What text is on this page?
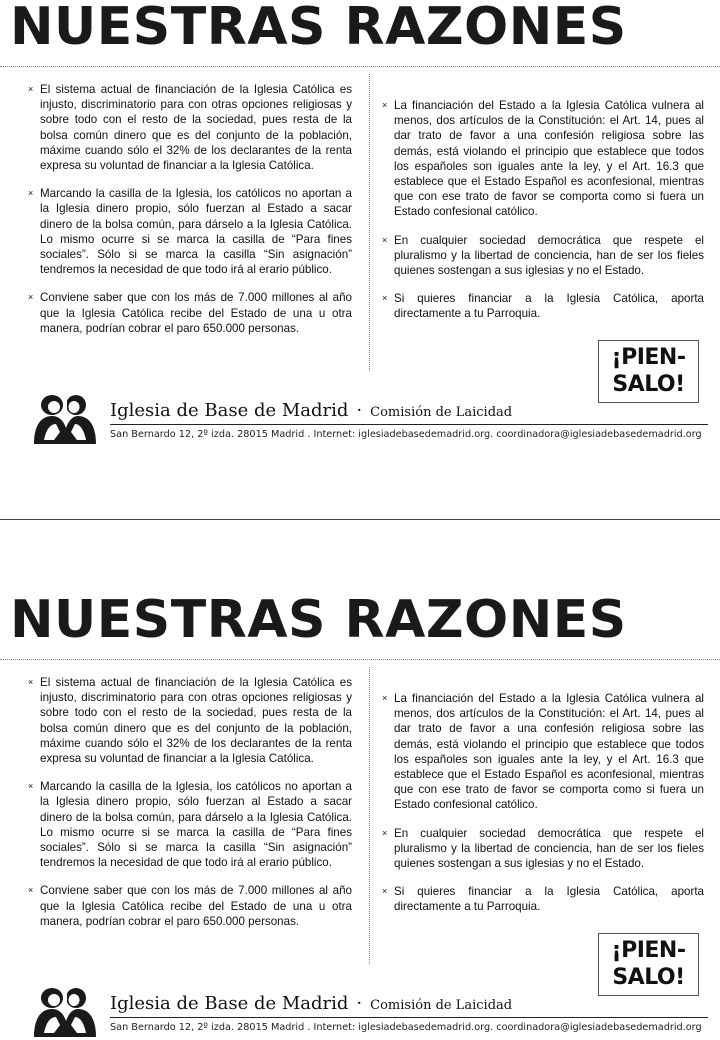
NUESTRAS RAZONES
× El sistema actual de financiación de la Iglesia Católica es injusto, discriminatorio para con otras opciones religiosas y sobre todo con el resto de la sociedad, pues resta de la bolsa común dinero que es del conjunto de la población, máxime cuando sólo el 32% de los declarantes de la renta expresa su voluntad de financiar a la Iglesia Católica.
× Marcando la casilla de la Iglesia, los católicos no aportan a la Iglesia dinero propio, sólo fuerzan al Estado a sacar dinero de la bolsa común, para dárselo a la Iglesia Católica. Lo mismo ocurre si se marca la casilla de “Para fines sociales”. Sólo si se marca la casilla “Sin asignación” tendremos la necesidad de que todo irá al erario público.
× Conviene saber que con los más de 7.000 millones al año que la Iglesia Católica recibe del Estado de una u otra manera, podrían cobrar el paro 650.000 personas.
× La financiación del Estado a la Iglesia Católica vulnera al menos, dos artículos de la Constitución: el Art. 14, pues al dar trato de favor a una confesión religiosa sobre las demás, está violando el principio que establece que todos los españoles son iguales ante la ley, y el Art. 16.3 que establece que el Estado Español es aconfesional, mientras que con ese trato de favor se comporta como si fuera un Estado confesional católico.
× En cualquier sociedad democrática que respete el pluralismo y la libertad de conciencia, han de ser los fieles quienes sostengan a sus iglesias y no el Estado.
× Si quieres financiar a la Iglesia Católica, aporta directamente a tu Parroquia.
¡PIEN-
SALO!
Iglesia de Base de Madrid · Comisión de Laicidad
San Bernardo 12, 2º izda. 28015 Madrid . Internet: iglesiadebasedemadrid.org. coordinadora@iglesiadebasedemadrid.org
NUESTRAS RAZONES
× El sistema actual de financiación de la Iglesia Católica es injusto, discriminatorio para con otras opciones religiosas y sobre todo con el resto de la sociedad, pues resta de la bolsa común dinero que es del conjunto de la población, máxime cuando sólo el 32% de los declarantes de la renta expresa su voluntad de financiar a la Iglesia Católica.
× Marcando la casilla de la Iglesia, los católicos no aportan a la Iglesia dinero propio, sólo fuerzan al Estado a sacar dinero de la bolsa común, para dárselo a la Iglesia Católica. Lo mismo ocurre si se marca la casilla de “Para fines sociales”. Sólo si se marca la casilla “Sin asignación” tendremos la necesidad de que todo irá al erario público.
× Conviene saber que con los más de 7.000 millones al año que la Iglesia Católica recibe del Estado de una u otra manera, podrían cobrar el paro 650.000 personas.
× La financiación del Estado a la Iglesia Católica vulnera al menos, dos artículos de la Constitución: el Art. 14, pues al dar trato de favor a una confesión religiosa sobre las demás, está violando el principio que establece que todos los españoles son iguales ante la ley, y el Art. 16.3 que establece que el Estado Español es aconfesional, mientras que con ese trato de favor se comporta como si fuera un Estado confesional católico.
× En cualquier sociedad democrática que respete el pluralismo y la libertad de conciencia, han de ser los fieles quienes sostengan a sus iglesias y no el Estado.
× Si quieres financiar a la Iglesia Católica, aporta directamente a tu Parroquia.
¡PIEN-
SALO!
Iglesia de Base de Madrid · Comisión de Laicidad
San Bernardo 12, 2º izda. 28015 Madrid . Internet: iglesiadebasedemadrid.org. coordinadora@iglesiadebasedemadrid.org
